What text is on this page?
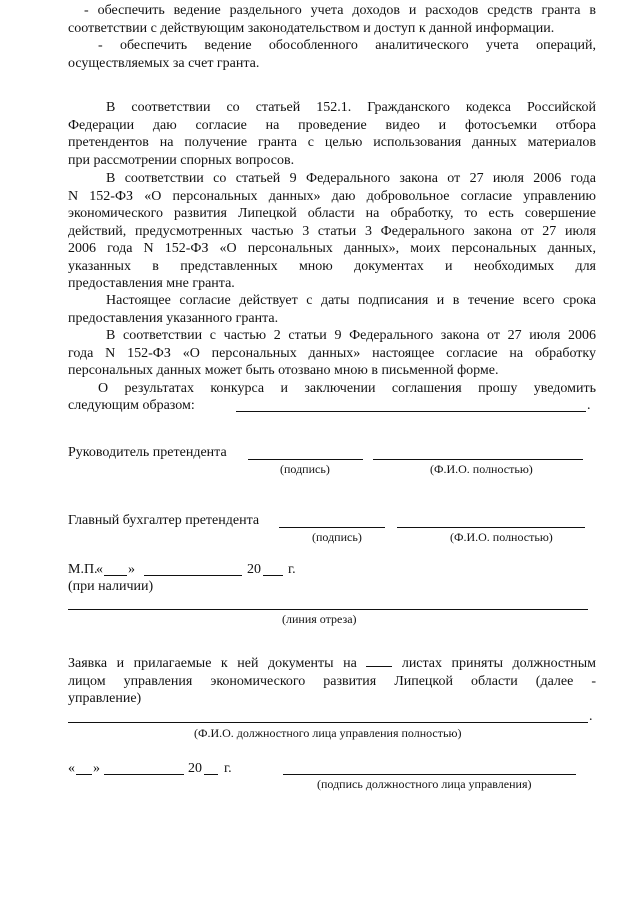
- обеспечить ведение раздельного учета доходов и расходов средств гранта в
соответствии с действующим законодательством и доступ к данной информации.
- обеспечить ведение обособленного аналитического учета операций,
осуществляемых за счет гранта.
В соответствии со статьей 152.1. Гражданского кодекса Российской
Федерации даю согласие на проведение видео и фотосъемки отбора
претендентов на получение гранта с целью использования данных материалов
при рассмотрении спорных вопросов.
В соответствии со статьей 9 Федерального закона от 27 июля 2006 года
N 152-ФЗ «О персональных данных» даю добровольное согласие управлению
экономического развития Липецкой области на обработку, то есть совершение
действий, предусмотренных частью 3 статьи 3 Федерального закона от 27 июля
2006 года N 152-ФЗ «О персональных данных», моих персональных данных,
указанных в представленных мною документах и необходимых для
предоставления мне гранта.
Настоящее согласие действует с даты подписания и в течение всего срока
предоставления указанного гранта.
В соответствии с частью 2 статьи 9 Федерального закона от 27 июля 2006
года N 152-ФЗ «О персональных данных» настоящее согласие на обработку
персональных данных может быть отозвано мною в письменной форме.
О результатах конкурса и заключении соглашения прошу уведомить
следующим образом:	.
Руководитель претендента
(подпись)	(Ф.И.О. полностью)
Главный бухгалтер претендента
(подпись)	(Ф.И.О. полностью)
М.П.
« »	20 г.
(при наличии)
(линия отреза)
Заявка и прилагаемые к ней документы на	листах приняты должностным
лицом управления экономического развития Липецкой области (далее -
управление)
.
(Ф.И.О. должностного лица управления полностью)
« »	20 г.
(подпись должностного лица управления)
